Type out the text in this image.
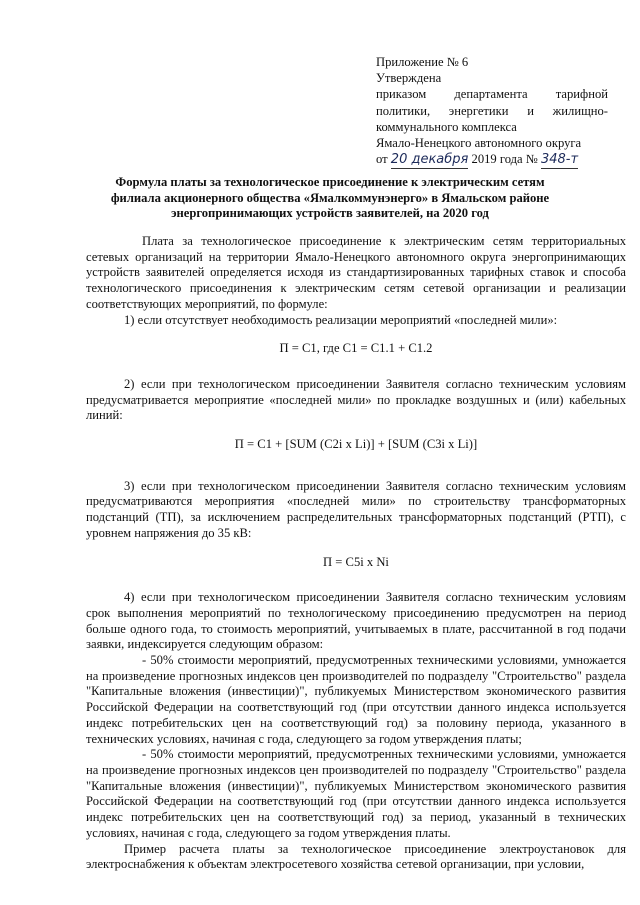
Приложение № 6
Утверждена
приказом департамента тарифной
политики, энергетики и жилищно-
коммунального комплекса
Ямало-Ненецкого автономного округа
от 20 декабря 2019 года № 348-т
Формула платы за технологическое присоединение к электрическим сетям филиала акционерного общества «Ямалкоммунэнерго» в Ямальском районе энергопринимающих устройств заявителей, на 2020 год

Плата за технологическое присоединение к электрическим сетям территориальных сетевых организаций на территории Ямало-Ненецкого автономного округа энергопринимающих устройств заявителей определяется исходя из стандартизированных тарифных ставок и способа технологического присоединения к электрическим сетям сетевой организации и реализации соответствующих мероприятий, по формуле:

1) если отсутствует необходимость реализации мероприятий «последней мили»:

П = С1, где С1 = С1.1 + С1.2

2) если при технологическом присоединении Заявителя согласно техническим условиям предусматривается мероприятие «последней мили» по прокладке воздушных и (или) кабельных линий:

П = С1 + [SUM (C2i x Li)] + [SUM (C3i x Li)]

3) если при технологическом присоединении Заявителя согласно техническим условиям предусматриваются мероприятия «последней мили» по строительству трансформаторных подстанций (ТП), за исключением распределительных трансформаторных подстанций (РТП), с уровнем напряжения до 35 кВ:

П = С5i x Ni

4) если при технологическом присоединении Заявителя согласно техническим условиям срок выполнения мероприятий по технологическому присоединению предусмотрен на период больше одного года, то стоимость мероприятий, учитываемых в плате, рассчитанной в год подачи заявки, индексируется следующим образом:

- 50% стоимости мероприятий, предусмотренных техническими условиями, умножается на произведение прогнозных индексов цен производителей по подразделу "Строительство" раздела "Капитальные вложения (инвестиции)", публикуемых Министерством экономического развития Российской Федерации на соответствующий год (при отсутствии данного индекса используется индекс потребительских цен на соответствующий год) за половину периода, указанного в технических условиях, начиная с года, следующего за годом утверждения платы;

- 50% стоимости мероприятий, предусмотренных техническими условиями, умножается на произведение прогнозных индексов цен производителей по подразделу "Строительство" раздела "Капитальные вложения (инвестиции)", публикуемых Министерством экономического развития Российской Федерации на соответствующий год (при отсутствии данного индекса используется индекс потребительских цен на соответствующий год) за период, указанный в технических условиях, начиная с года, следующего за годом утверждения платы.

Пример расчета платы за технологическое присоединение электроустановок для электроснабжения к объектам электросетевого хозяйства сетевой организации, при условии,
